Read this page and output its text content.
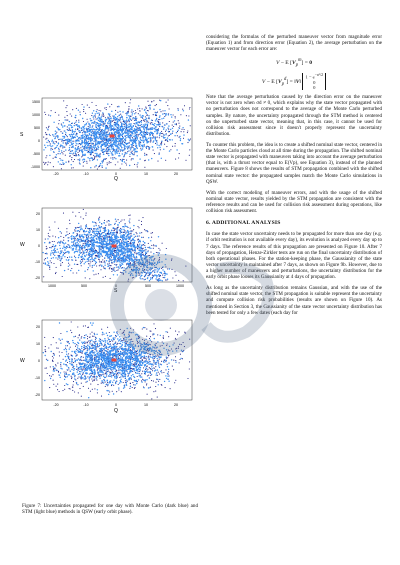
S
Q
1500
1000
500
0
-500
-1000
-20	-10	0	10	20
W
S
20
10
0
-10
-20
1000	500	0	500	1000
W
Q
20
10
0
-10
-20
-20	-10	0	10	20
Figure 7: Uncertainties propagated for one day with Monte Carlo (dark blue) and STM (light blue) methods in QSW (early orbit phase).

considering the formulas of the perturbed maneuver vector from magnitude error (Equation 1) and from direction error (Equation 2), the average perturbation on the maneuver vector for each error are:

V − E $[V_p^m] = 0$
V − E $[V_p^d]$ = ‖V‖ $1 - e^{-\sigma^2/2}$
0
0

Note that the average perturbation caused by the direction error on the maneuver vector is not zero when σd ≠ 0, which explains why the state vector propagated with no perturbation does not correspond to the average of the Monte Carlo perturbed samples. By nature, the uncertainty propagated through the STM method is centered on the unperturbed state vector, meaning that, in this case, it cannot be used for collision risk assessment since it doesn't properly represent the uncertainty distribution.

To counter this problem, the idea is to create a shifted nominal state vector, centered in the Monte Carlo particles cloud at all time during the propagation. The shifted nominal state vector is propagated with maneuvers taking into account the average perturbation (that is, with a thrust vector equal to E(Vp), see Equation 3), instead of the planned maneuvers. Figure 8 shows the results of STM propagation combined with the shifted nominal state vector: the propagated samples match the Monte Carlo simulations in QSW.

With the correct modeling of maneuver errors, and with the usage of the shifted nominal state vector, results yielded by the STM propagation are consistent with the reference results and can be used for collision risk assessment during operations, like collision risk assessment.

6. ADDITIONAL ANALYSIS

In case the state vector uncertainty needs to be propagated for more than one day (e.g. if orbit restitution is not available every day), its evolution is analyzed every day up to 7 days. The reference results of this propagation are presented on Figure 10. After 7 days of propagation, Henze-Zirkler tests are run on the final uncertainty distribution of both operational phases. For the station-keeping phase, the Gaussianity of the state vector uncertainty is maintained after 7 days, as shown on Figure 9b. However, due to a higher number of maneuvers and perturbations, the uncertainty distribution for the early orbit phase looses its Gaussianity at 4 days of propagation.

As long as the uncertainty distribution remains Gaussian, and with the use of the shifted nominal state vector, the STM propagation is suitable represent the uncertainty and compute collision risk probabilities (results are shown on Figure 10). As mentioned in Section 3, the Gaussianity of the state vector uncertainty distribution has been tested for only a few dates (each day for
